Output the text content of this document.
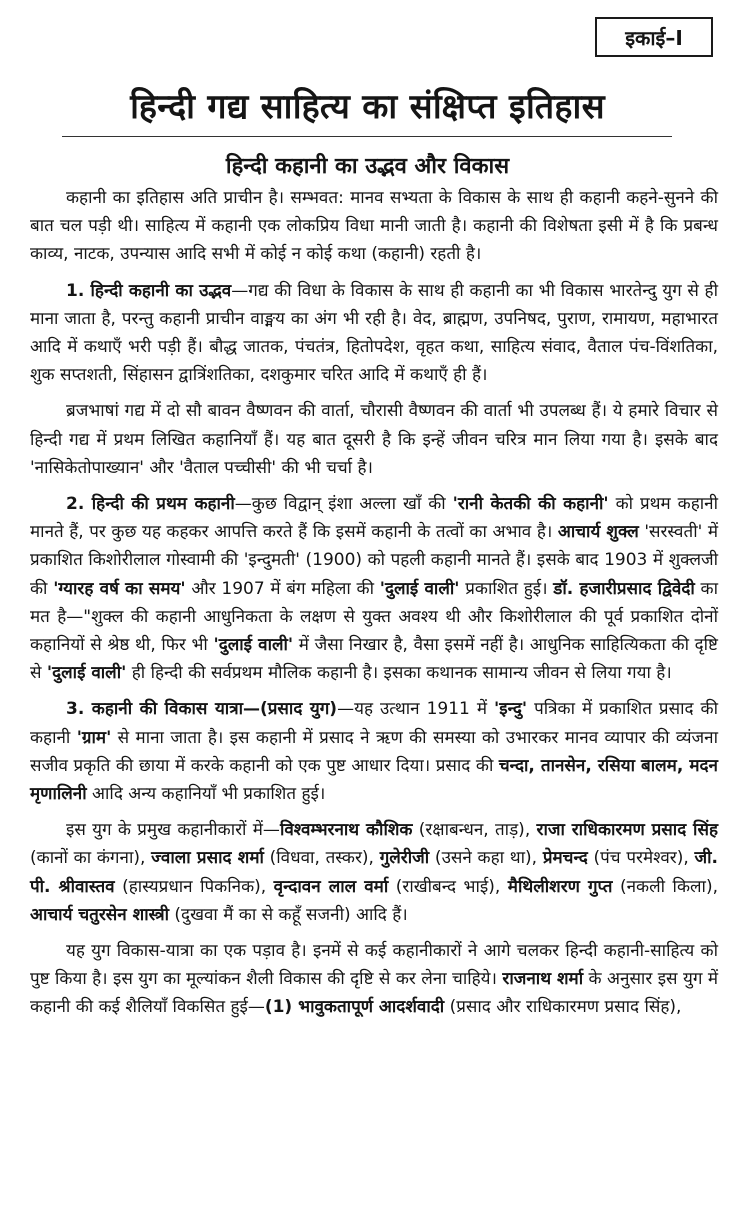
इकाई–I
हिन्दी गद्य साहित्य का संक्षिप्त इतिहास
हिन्दी कहानी का उद्भव और विकास

कहानी का इतिहास अति प्राचीन है। सम्भवत: मानव सभ्यता के विकास के साथ ही कहानी कहने-सुनने की बात चल पड़ी थी। साहित्य में कहानी एक लोकप्रिय विधा मानी जाती है। कहानी की विशेषता इसी में है कि प्रबन्ध काव्य, नाटक, उपन्यास आदि सभी में कोई न कोई कथा (कहानी) रहती है।

1. हिन्दी कहानी का उद्भव—गद्य की विधा के विकास के साथ ही कहानी का भी विकास भारतेन्दु युग से ही माना जाता है, परन्तु कहानी प्राचीन वाङ्मय का अंग भी रही है। वेद, ब्राह्मण, उपनिषद, पुराण, रामायण, महाभारत आदि में कथाएँ भरी पड़ी हैं। बौद्ध जातक, पंचतंत्र, हितोपदेश, वृहत कथा, साहित्य संवाद, वैताल पंच-विंशतिका, शुक सप्तशती, सिंहासन द्वात्रिंशतिका, दशकुमार चरित आदि में कथाएँ ही हैं।

ब्रजभाषां गद्य में दो सौ बावन वैष्णवन की वार्ता, चौरासी वैष्णवन की वार्ता भी उपलब्ध हैं। ये हमारे विचार से हिन्दी गद्य में प्रथम लिखित कहानियाँ हैं। यह बात दूसरी है कि इन्हें जीवन चरित्र मान लिया गया है। इसके बाद 'नासिकेतोपाख्यान' और 'वैताल पच्चीसी' की भी चर्चा है।

2. हिन्दी की प्रथम कहानी—कुछ विद्वान् इंशा अल्ला खाँ की 'रानी केतकी की कहानी' को प्रथम कहानी मानते हैं, पर कुछ यह कहकर आपत्ति करते हैं कि इसमें कहानी के तत्वों का अभाव है। आचार्य शुक्ल 'सरस्वती' में प्रकाशित किशोरीलाल गोस्वामी की 'इन्दुमती' (1900) को पहली कहानी मानते हैं। इसके बाद 1903 में शुक्लजी की 'ग्यारह वर्ष का समय' और 1907 में बंग महिला की 'दुलाई वाली' प्रकाशित हुई। डॉ. हजारीप्रसाद द्विवेदी का मत है—"शुक्ल की कहानी आधुनिकता के लक्षण से युक्त अवश्य थी और किशोरीलाल की पूर्व प्रकाशित दोनों कहानियों से श्रेष्ठ थी, फिर भी 'दुलाई वाली' में जैसा निखार है, वैसा इसमें नहीं है। आधुनिक साहित्यिकता की दृष्टि से 'दुलाई वाली' ही हिन्दी की सर्वप्रथम मौलिक कहानी है। इसका कथानक सामान्य जीवन से लिया गया है।

3. कहानी की विकास यात्रा—(प्रसाद युग)—यह उत्थान 1911 में 'इन्दु' पत्रिका में प्रकाशित प्रसाद की कहानी 'ग्राम' से माना जाता है। इस कहानी में प्रसाद ने ऋण की समस्या को उभारकर मानव व्यापार की व्यंजना सजीव प्रकृति की छाया में करके कहानी को एक पुष्ट आधार दिया। प्रसाद की चन्दा, तानसेन, रसिया बालम, मदन मृणालिनी आदि अन्य कहानियाँ भी प्रकाशित हुई।

इस युग के प्रमुख कहानीकारों में—विश्वम्भरनाथ कौशिक (रक्षाबन्धन, ताड़), राजा राधिकारमण प्रसाद सिंह (कानों का कंगना), ज्वाला प्रसाद शर्मा (विधवा, तस्कर), गुलेरीजी (उसने कहा था), प्रेमचन्द (पंच परमेश्वर), जी. पी. श्रीवास्तव (हास्यप्रधान पिकनिक), वृन्दावन लाल वर्मा (राखीबन्द भाई), मैथिलीशरण गुप्त (नकली किला), आचार्य चतुरसेन शास्त्री (दुखवा मैं का से कहूँ सजनी) आदि हैं।

यह युग विकास-यात्रा का एक पड़ाव है। इनमें से कई कहानीकारों ने आगे चलकर हिन्दी कहानी-साहित्य को पुष्ट किया है। इस युग का मूल्यांकन शैली विकास की दृष्टि से कर लेना चाहिये। राजनाथ शर्मा के अनुसार इस युग में कहानी की कई शैलियाँ विकसित हुई—(1) भावुकतापूर्ण आदर्शवादी (प्रसाद और राधिकारमण प्रसाद सिंह),
